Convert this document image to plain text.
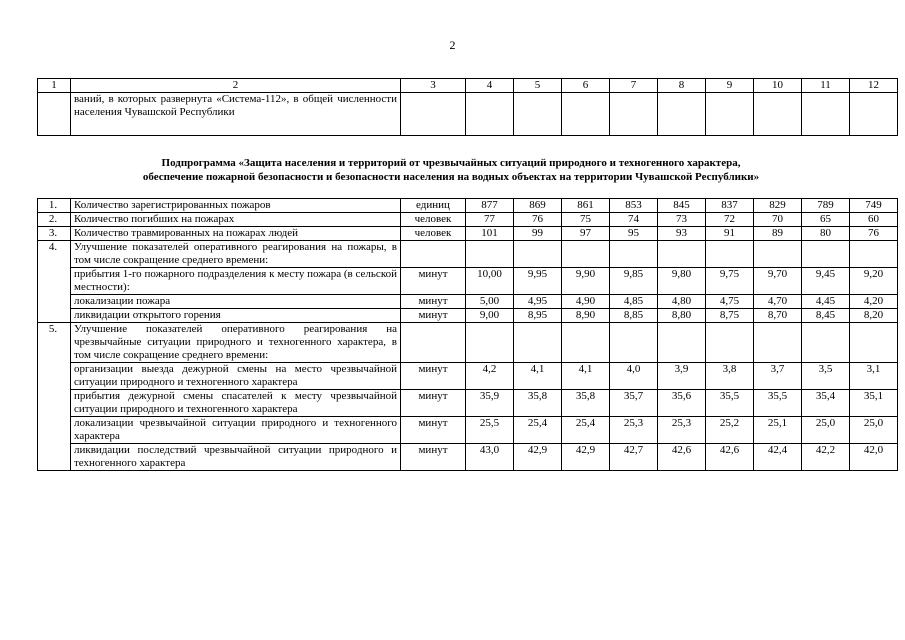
2
1	2	3	4	5	6	7	8	9	10	11	12
	ваний, в которых развернута «Система-112», в общей численности населения Чувашской Республики										
Подпрограмма «Защита населения и территорий от чрезвычайных ситуаций природного и техногенного характера,
обеспечение пожарной безопасности и безопасности населения на водных объектах на территории Чувашской Республики»
1.	Количество зарегистрированных пожаров	единиц	877	869	861	853	845	837	829	789	749
2.	Количество погибших на пожарах	человек	77	76	75	74	73	72	70	65	60
3.	Количество травмированных на пожарах людей	человек	101	99	97	95	93	91	89	80	76
4.	Улучшение показателей оперативного реагирования на пожары, в том числе сокращение среднего времени:										
	прибытия 1-го пожарного подразделения к месту пожара (в сельской местности):	минут	10,00	9,95	9,90	9,85	9,80	9,75	9,70	9,45	9,20
	локализации пожара	минут	5,00	4,95	4,90	4,85	4,80	4,75	4,70	4,45	4,20
	ликвидации открытого горения	минут	9,00	8,95	8,90	8,85	8,80	8,75	8,70	8,45	8,20
5.	Улучшение показателей оперативного реагирования на чрезвычайные ситуации природного и техногенного характера, в том числе сокращение среднего времени:										
	организации выезда дежурной смены на место чрезвычайной ситуации природного и техногенного характера	минут	4,2	4,1	4,1	4,0	3,9	3,8	3,7	3,5	3,1
	прибытия дежурной смены спасателей к месту чрезвычайной ситуации природного и техногенного характера	минут	35,9	35,8	35,8	35,7	35,6	35,5	35,5	35,4	35,1
	локализации чрезвычайной ситуации природного и техногенного характера	минут	25,5	25,4	25,4	25,3	25,3	25,2	25,1	25,0	25,0
	ликвидации последствий чрезвычайной ситуации природного и техногенного характера	минут	43,0	42,9	42,9	42,7	42,6	42,6	42,4	42,2	42,0
